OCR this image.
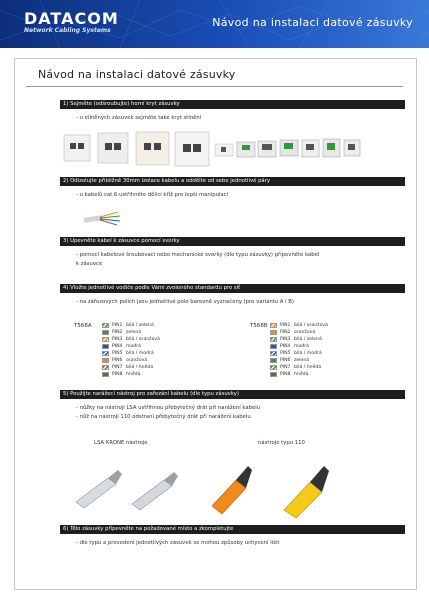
DATACOM
Network Cabling Systems
Návod na instalaci datové zásuvky
Návod na instalaci datové zásuvky
1) Sejměte (odšroubujte) horní kryt zásuvky
- u stíněných zásuvek sejměte také kryt stínění
2) Odizolujte přibližně 30mm izolace kabelu a oddělte od sebe jednotlivé páry
- u kabelů cat.6 ustřihněte dělicí kříž pro lepší manipulaci
3) Upevněte kabel k zásuvce pomocí svorky
- pomocí kabelové šroubovací nebo mechanické svorky (dle typu zásuvky) připevněte kabel
k zásuvce
4) Vložte jednotlivé vodiče podle Vámi zvoleného standardu pro síť
- na zářezových polích jsou jednotlivé pole barevně vyznačeny (pro variantu A i B)
T568A	PIN1 bílá / zelená
PIN2 zelená
PIN3 bílá / oranžová
PIN4 modrá
PIN5 bílá / modrá
PIN6 oranžová
PIN7 bílá / hnědá
PIN8 hnědá
T568B	PIN1 bílá / oranžová
PIN2 oranžová
PIN3 bílá / zelená
PIN4 modrá
PIN5 bílá / modrá
PIN6 zelená
PIN7 bílá / hnědá
PIN8 hnědá
5) Použijte narážecí nástroj pro zařezání kabelu (dle typu zásuvky)
- nůžky na nástroji LSA ustřihnou přebytečný drát při narážení kabelu
- nůž na nástroji 110 odstraní přebytečný drát při narážení kabelu
LSA KRONE nástroje	nástroje typu 110
6) Tělo zásuvky připevněte na požadované místo a zkompletujte
- dle typu a provedení jednotlivých zásuvek se mohou způsoby uchycení lišit
